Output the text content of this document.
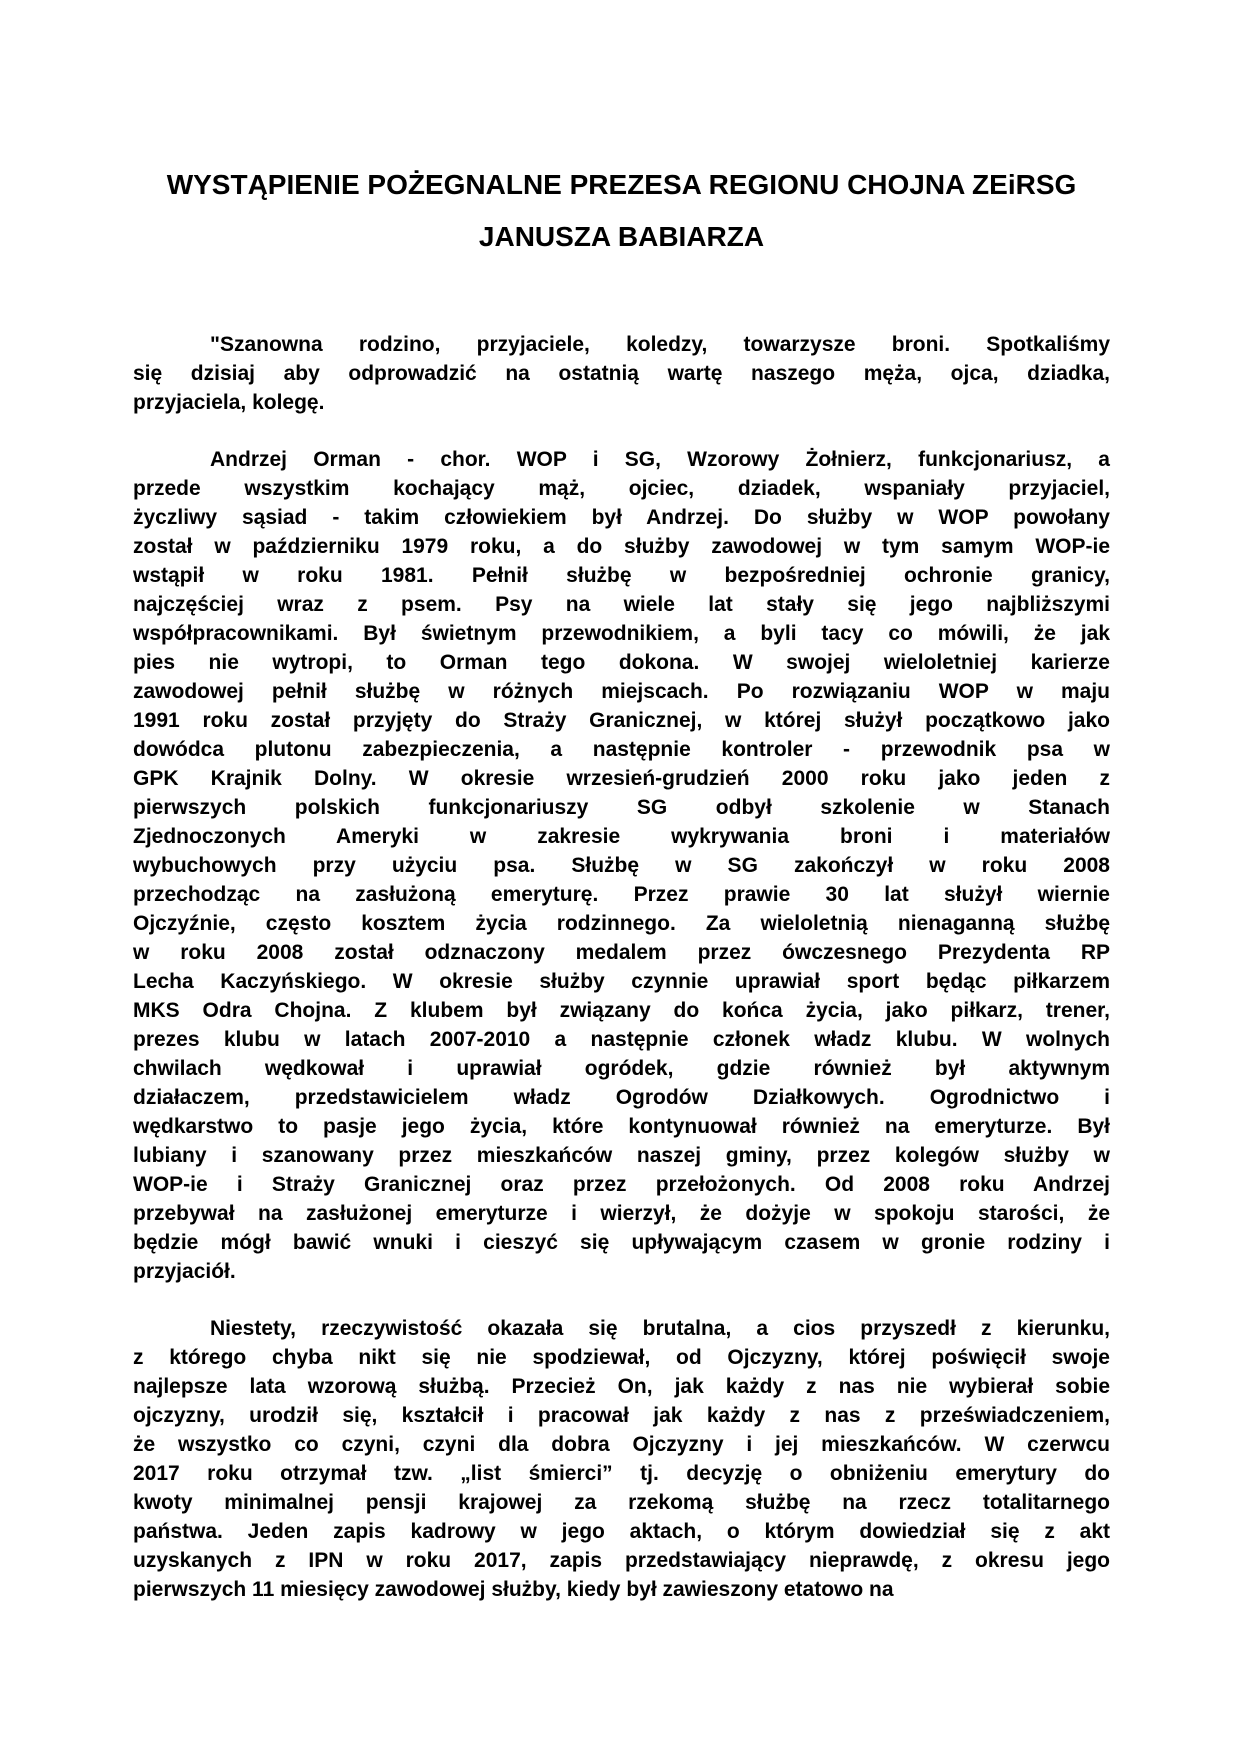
WYSTĄPIENIE POŻEGNALNE PREZESA REGIONU CHOJNA ZEiRSG
JANUSZA BABIARZA
"Szanowna rodzino, przyjaciele, koledzy, towarzysze broni. Spotkaliśmy
się dzisiaj aby odprowadzić na ostatnią wartę naszego męża, ojca, dziadka,
przyjaciela, kolegę.
Andrzej Orman - chor. WOP i SG, Wzorowy Żołnierz, funkcjonariusz, a
przede wszystkim kochający mąż, ojciec, dziadek, wspaniały przyjaciel,
życzliwy sąsiad - takim człowiekiem był Andrzej. Do służby w WOP powołany
został w październiku 1979 roku, a do służby zawodowej w tym samym WOP-ie
wstąpił w roku 1981. Pełnił służbę w bezpośredniej ochronie granicy,
najczęściej wraz z psem. Psy na wiele lat stały się jego najbliższymi
współpracownikami. Był świetnym przewodnikiem, a byli tacy co mówili, że jak
pies nie wytropi, to Orman tego dokona. W swojej wieloletniej karierze
zawodowej pełnił służbę w różnych miejscach. Po rozwiązaniu WOP w maju
1991 roku został przyjęty do Straży Granicznej, w której służył początkowo jako
dowódca plutonu zabezpieczenia, a następnie kontroler - przewodnik psa w
GPK Krajnik Dolny. W okresie wrzesień-grudzień 2000 roku jako jeden z
pierwszych polskich funkcjonariuszy SG odbył szkolenie w Stanach
Zjednoczonych Ameryki w zakresie wykrywania broni i materiałów
wybuchowych przy użyciu psa. Służbę w SG zakończył w roku 2008
przechodząc na zasłużoną emeryturę. Przez prawie 30 lat służył wiernie
Ojczyźnie, często kosztem życia rodzinnego. Za wieloletnią nienaganną służbę
w roku 2008 został odznaczony medalem przez ówczesnego Prezydenta RP
Lecha Kaczyńskiego. W okresie służby czynnie uprawiał sport będąc piłkarzem
MKS Odra Chojna. Z klubem był związany do końca życia, jako piłkarz, trener,
prezes klubu w latach 2007-2010 a następnie członek władz klubu. W wolnych
chwilach wędkował i uprawiał ogródek, gdzie również był aktywnym
działaczem, przedstawicielem władz Ogrodów Działkowych. Ogrodnictwo i
wędkarstwo to pasje jego życia, które kontynuował również na emeryturze. Był
lubiany i szanowany przez mieszkańców naszej gminy, przez kolegów służby w
WOP-ie i Straży Granicznej oraz przez przełożonych. Od 2008 roku Andrzej
przebywał na zasłużonej emeryturze i wierzył, że dożyje w spokoju starości, że
będzie mógł bawić wnuki i cieszyć się upływającym czasem w gronie rodziny i
przyjaciół.
Niestety, rzeczywistość okazała się brutalna, a cios przyszedł z kierunku,
z którego chyba nikt się nie spodziewał, od Ojczyzny, której poświęcił swoje
najlepsze lata wzorową służbą. Przecież On, jak każdy z nas nie wybierał sobie
ojczyzny, urodził się, kształcił i pracował jak każdy z nas z przeświadczeniem,
że wszystko co czyni, czyni dla dobra Ojczyzny i jej mieszkańców. W czerwcu
2017 roku otrzymał tzw. „list śmierci” tj. decyzję o obniżeniu emerytury do
kwoty minimalnej pensji krajowej za rzekomą służbę na rzecz totalitarnego
państwa. Jeden zapis kadrowy w jego aktach, o którym dowiedział się z akt
uzyskanych z IPN w roku 2017, zapis przedstawiający nieprawdę, z okresu jego
pierwszych 11 miesięcy zawodowej służby, kiedy był zawieszony etatowo na
